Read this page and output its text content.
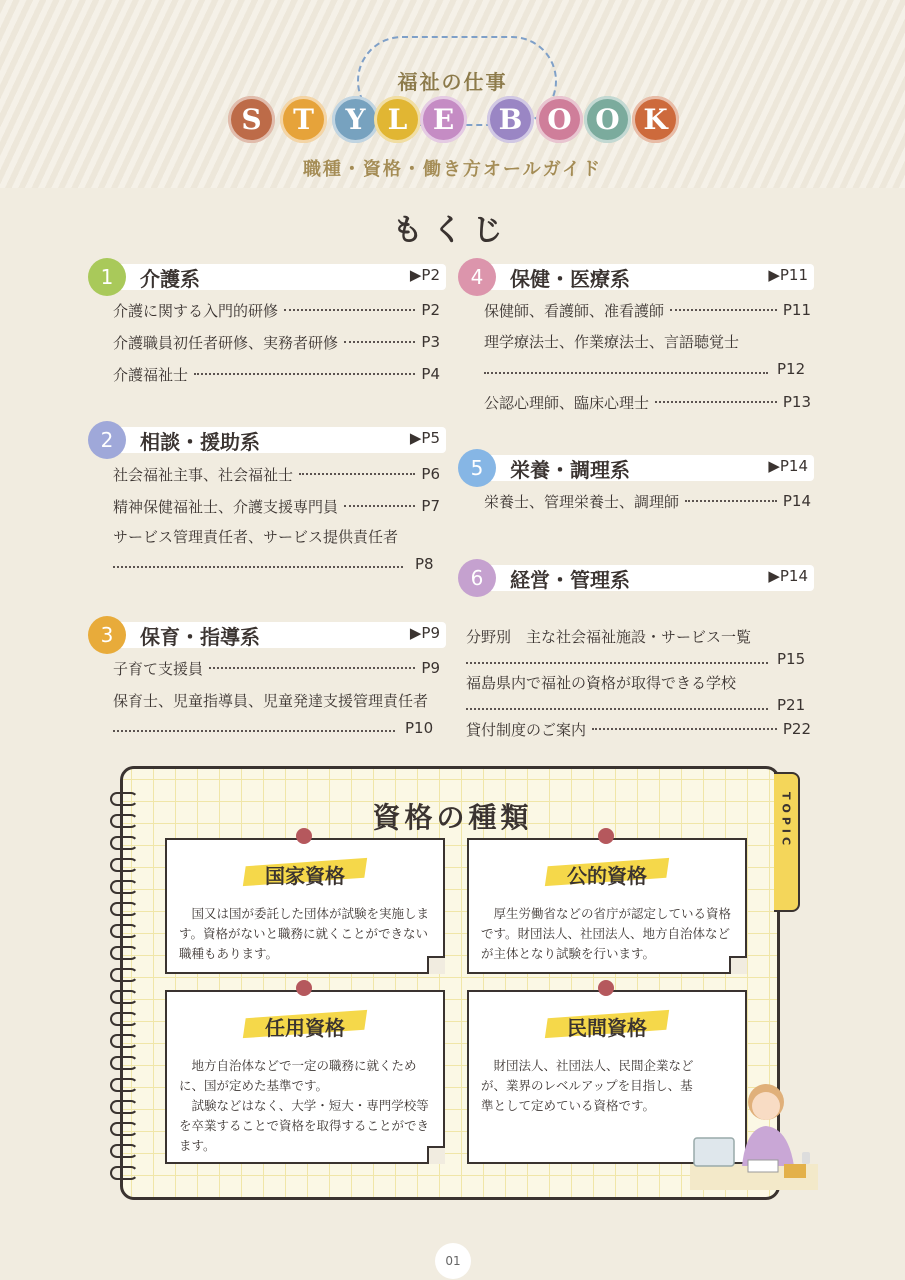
福祉の仕事
S	T	Y L E	B O O K
職種・資格・働き方オールガイド
もくじ
1	介護系	▶P2
介護に関する入門的研修	P2
介護職員初任者研修、実務者研修	P3
介護福祉士	P4
2	相談・援助系	▶P5
社会福祉主事、社会福祉士	P6
精神保健福祉士、介護支援専門員	P7
サービス管理責任者、サービス提供責任者
P8
3	保育・指導系	▶P9
子育て支援員	P9
保育士、児童指導員、児童発達支援管理責任者
P10
4	保健・医療系	▶P11
保健師、看護師、准看護師	P11
理学療法士、作業療法士、言語聴覚士
P12
公認心理師、臨床心理士	P13
5	栄養・調理系	▶P14
栄養士、管理栄養士、調理師	P14
6	経営・管理系	▶P14
分野別　主な社会福祉施設・サービス一覧
P15
福島県内で福祉の資格が取得できる学校
P21
貸付制度のご案内	P22
TOPIC
資格の種類
国家資格
　国又は国が委託した団体が試験を実施します。資格がないと職務に就くことができない職種もあります。
公的資格
　厚生労働省などの省庁が認定している資格です。財団法人、社団法人、地方自治体などが主体となり試験を行います。
任用資格
　地方自治体などで一定の職務に就くために、国が定めた基準です。
　試験などはなく、大学・短大・専門学校等を卒業することで資格を取得することができます。
民間資格
　財団法人、社団法人、民間企業などが、業界のレベルアップを目指し、基準として定めている資格です。
01
